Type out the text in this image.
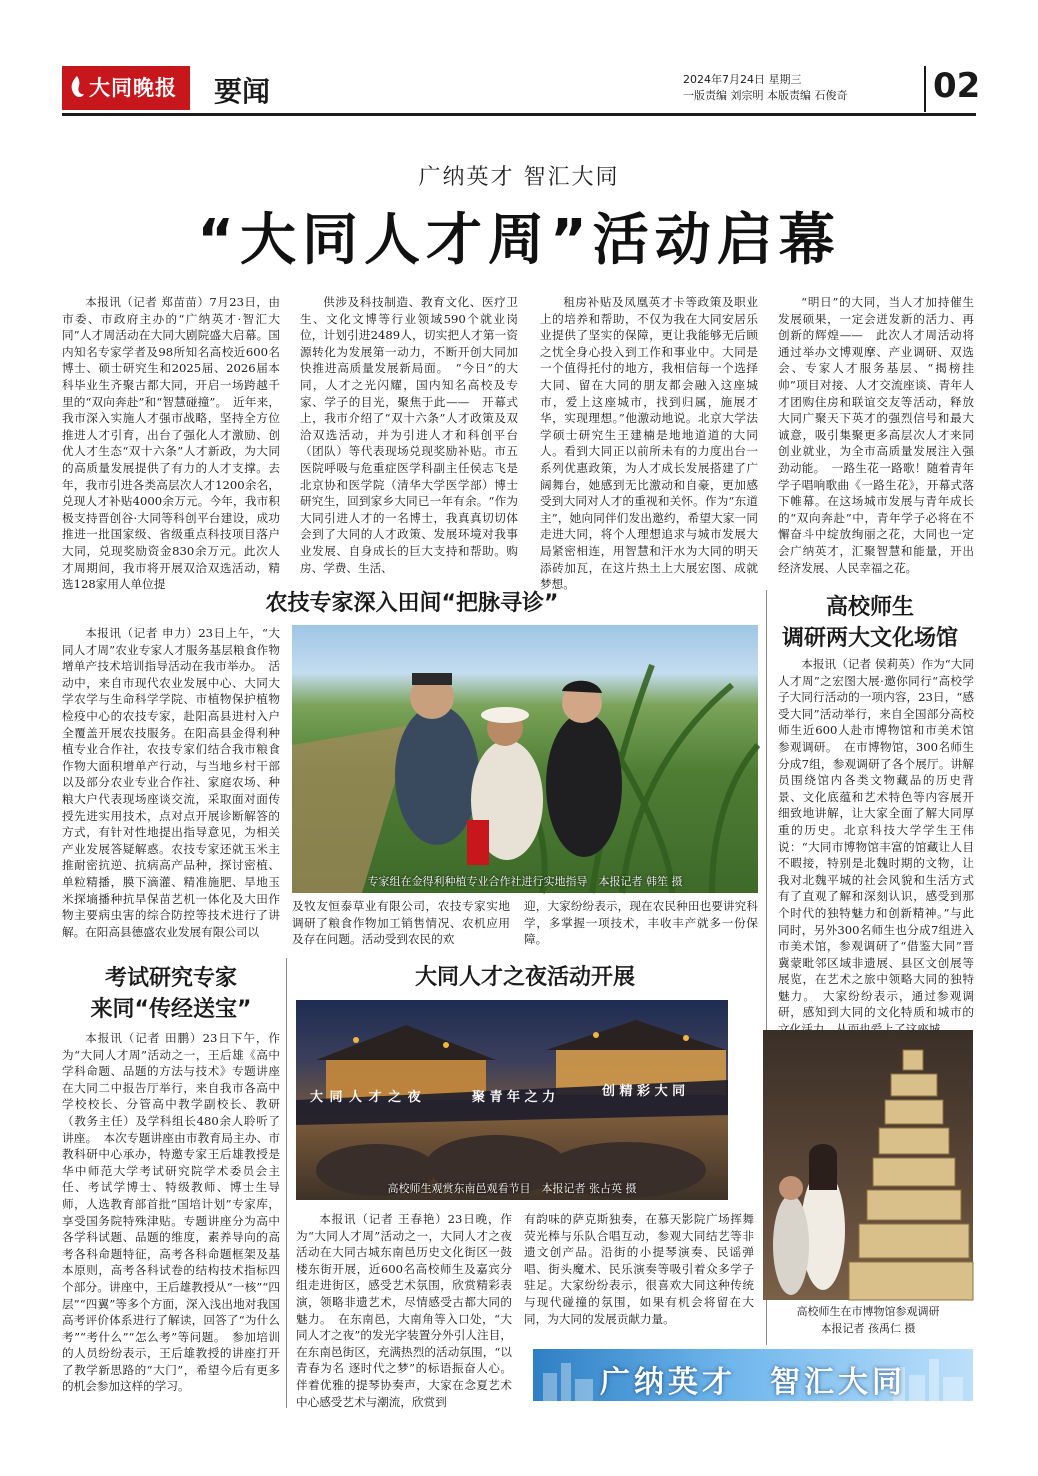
大同晚报	要闻	2024年7月24日 星期三
一版责编 刘宗明 本版责编 石俊奇	02
广纳英才 智汇大同
“大同人才周”活动启幕

本报讯（记者 郑苗苗）7月23日，由市委、市政府主办的“广纳英才·智汇大同”人才周活动在大同大剧院盛大启幕。国内知名专家学者及98所知名高校近600名博士、硕士研究生和2025届、2026届本科毕业生齐聚古都大同，开启一场跨越千里的“双向奔赴”和“智慧碰撞”。　近年来，我市深入实施人才强市战略，坚持全方位推进人才引育，出台了强化人才激励、创优人才生态“双十六条”人才新政，为大同的高质量发展提供了有力的人才支撑。去年，我市引进各类高层次人才1200余名，兑现人才补贴4000余万元。今年，我市积极支持晋创谷·大同等科创平台建设，成功推进一批国家级、省级重点科技项目落户大同，兑现奖励资金830余万元。此次人才周期间，我市将开展双洽双选活动，精选128家用人单位提

供涉及科技制造、教育文化、医疗卫生、文化文博等行业领域590个就业岗位，计划引进2489人，切实把人才第一资源转化为发展第一动力，不断开创大同加快推进高质量发展新局面。　“今日”的大同，人才之光闪耀，国内知名高校及专家、学子的目光，聚焦于此——　开幕式上，我市介绍了“双十六条”人才政策及双洽双选活动，并为引进人才和科创平台（团队）等代表现场兑现奖励补贴。市五医院呼吸与危重症医学科副主任侯志飞是北京协和医学院（清华大学医学部）博士研究生，回到家乡大同已一年有余。“作为大同引进人才的一名博士，我真真切切体会到了大同的人才政策、发展环境对我事业发展、自身成长的巨大支持和帮助。购房、学费、生活、

租房补贴及凤凰英才卡等政策及职业上的培养和帮助，不仅为我在大同安居乐业提供了坚实的保障，更让我能够无后顾之忧全身心投入到工作和事业中。大同是一个值得托付的地方，我相信每一个选择大同、留在大同的朋友都会融入这座城市，爱上这座城市，找到归属，施展才华，实现理想。”他激动地说。北京大学法学硕士研究生王建楠是地地道道的大同人。看到大同正以前所未有的力度出台一系列优惠政策，为人才成长发展搭建了广阔舞台，她感到无比激动和自豪，更加感受到大同对人才的重视和关怀。作为“东道主”，她向同伴们发出邀约，希望大家一同走进大同，将个人理想追求与城市发展大局紧密相连，用智慧和汗水为大同的明天添砖加瓦，在这片热土上大展宏图、成就梦想。

“明日”的大同，当人才加持催生发展硕果，一定会迸发新的活力、再创新的辉煌——　此次人才周活动将通过举办文博观摩、产业调研、双选会、专家人才服务基层、“揭榜挂帅”项目对接、人才交流座谈、青年人才团购住房和联谊交友等活动，释放大同广聚天下英才的强烈信号和最大诚意，吸引集聚更多高层次人才来同创业就业，为全市高质量发展注入强劲动能。　一路生花一路歌！随着青年学子唱响歌曲《一路生花》，开幕式落下帷幕。在这场城市发展与青年成长的“双向奔赴”中，青年学子必将在不懈奋斗中绽放绚丽之花，大同也一定会广纳英才，汇聚智慧和能量，开出经济发展、人民幸福之花。

农技专家深入田间“把脉寻诊”

本报讯（记者 申力）23日上午，“大同人才周”农业专家人才服务基层粮食作物增单产技术培训指导活动在我市举办。　活动中，来自市现代农业发展中心、大同大学农学与生命科学学院、市植物保护植物检疫中心的农技专家，赴阳高县进村入户全覆盖开展农技服务。在阳高县金得利种植专业合作社，农技专家们结合我市粮食作物大面积增单产行动，与当地乡村干部以及部分农业专业合作社、家庭农场、种粮大户代表现场座谈交流，采取面对面传授先进实用技术，点对点开展诊断解答的方式，有针对性地提出指导意见，为相关产业发展答疑解惑。农技专家还就玉米主推耐密抗逆、抗病高产品种，探讨密植、单粒精播，膜下滴灌、精准施肥、旱地玉米探墒播种抗旱保苗艺机一体化及大田作物主要病虫害的综合防控等技术进行了讲解。在阳高县德盛农业发展有限公司以

专家组在金得利种植专业合作社进行实地指导　本报记者 韩笙 摄

及牧友恒泰草业有限公司，农技专家实地调研了粮食作物加工销售情况、农机应用及存在问题。活动受到农民的欢

迎，大家纷纷表示，现在农民种田也要讲究科学，多掌握一项技术，丰收丰产就多一份保障。

高校师生
调研两大文化场馆

本报讯（记者 侯莉英）作为“大同人才周”之宏图大展·邀你同行“高校学子大同行活动的一项内容，23日，“感受大同”活动举行，来自全国部分高校师生近600人赴市博物馆和市美术馆参观调研。　在市博物馆，300名师生分成7组，参观调研了各个展厅。讲解员围绕馆内各类文物藏品的历史背景、文化底蕴和艺术特色等内容展开细致地讲解，让大家全面了解大同厚重的历史。北京科技大学学生王伟说：“大同市博物馆丰富的馆藏让人目不暇接，特别是北魏时期的文物，让我对北魏平城的社会风貌和生活方式有了直观了解和深刻认识，感受到那个时代的独特魅力和创新精神。”与此同时，另外300名师生也分成7组进入市美术馆，参观调研了“借鉴大同”晋冀蒙毗邻区域非遗展、县区文创展等展览，在艺术之旅中领略大同的独特魅力。　大家纷纷表示，通过参观调研，感知到大同的文化特质和城市的

高校师生在市博物馆参观调研
本报记者 孩禹仁 摄
考试研究专家
来同“传经送宝”

本报讯（记者 田鹏）23日下午，作为“大同人才周”活动之一，王后雄《高中学科命题、品题的方法与技术》专题讲座在大同二中报告厅举行，来自我市各高中学校校长、分管高中教学副校长、教研（教务主任）及学科组长480余人聆听了讲座。　本次专题讲座由市教育局主办、市教科研中心承办，特邀专家王后雄教授是华中师范大学考试研究院学术委员会主任、考试学博士、特级教师、博士生导师，人选教育部首批“国培计划”专家库，享受国务院特殊津贴。专题讲座分为高中各学科试题、品题的维度，素养导向的高考各科命题特征，高考各科命题框架及基本原则，高考各科试卷的结构技术指标四个部分。讲座中，王后雄教授从“一核”“四层”“四翼”等多个方面，深入浅出地对我国高考评价体系进行了解读，回答了“为什么考”“考什么”“怎么考”等问题。　参加培训的人员纷纷表示，王后雄教授的讲座打开了教学新思路的“大门”，希望今后有更多的机会参加这样的学习。

大同人才之夜活动开展
大 同 人 才 之 夜	聚 青 年 之 力	创 精 彩 大 同
高校师生观赏东南邑观看节目　本报记者 张占英 摄

本报讯（记者 王春艳）23日晚，作为“大同人才周”活动之一，大同人才之夜活动在大同古城东南邑历史文化街区一鼓楼东街开展，近600名高校师生及嘉宾分组走进街区，感受艺术氛围，欣赏精彩表演，领略非遗艺术，尽情感受古都大同的魅力。　在东南邑，大南角等入口处，“大同人才之夜”的发光字装置分外引人注目，在东南邑街区，充满热烈的活动氛围，“以青春为名 逐时代之梦”的标语振奋人心。伴着优雅的提琴协奏声，大家在念夏艺术中心感受艺术与潮流，欣赏到

有韵味的萨克斯独奏，在慕天影院广场挥舞荧光棒与乐队合唱互动，参观大同结艺等非遗文创产品。沿街的小提琴演奏、民谣弹唱、街头魔术、民乐演奏等吸引着众多学子驻足。大家纷纷表示，很喜欢大同这种传统与现代碰撞的氛围，如果有机会将留在大同，为大同的发展贡献力量。

广纳英才　智汇大同
